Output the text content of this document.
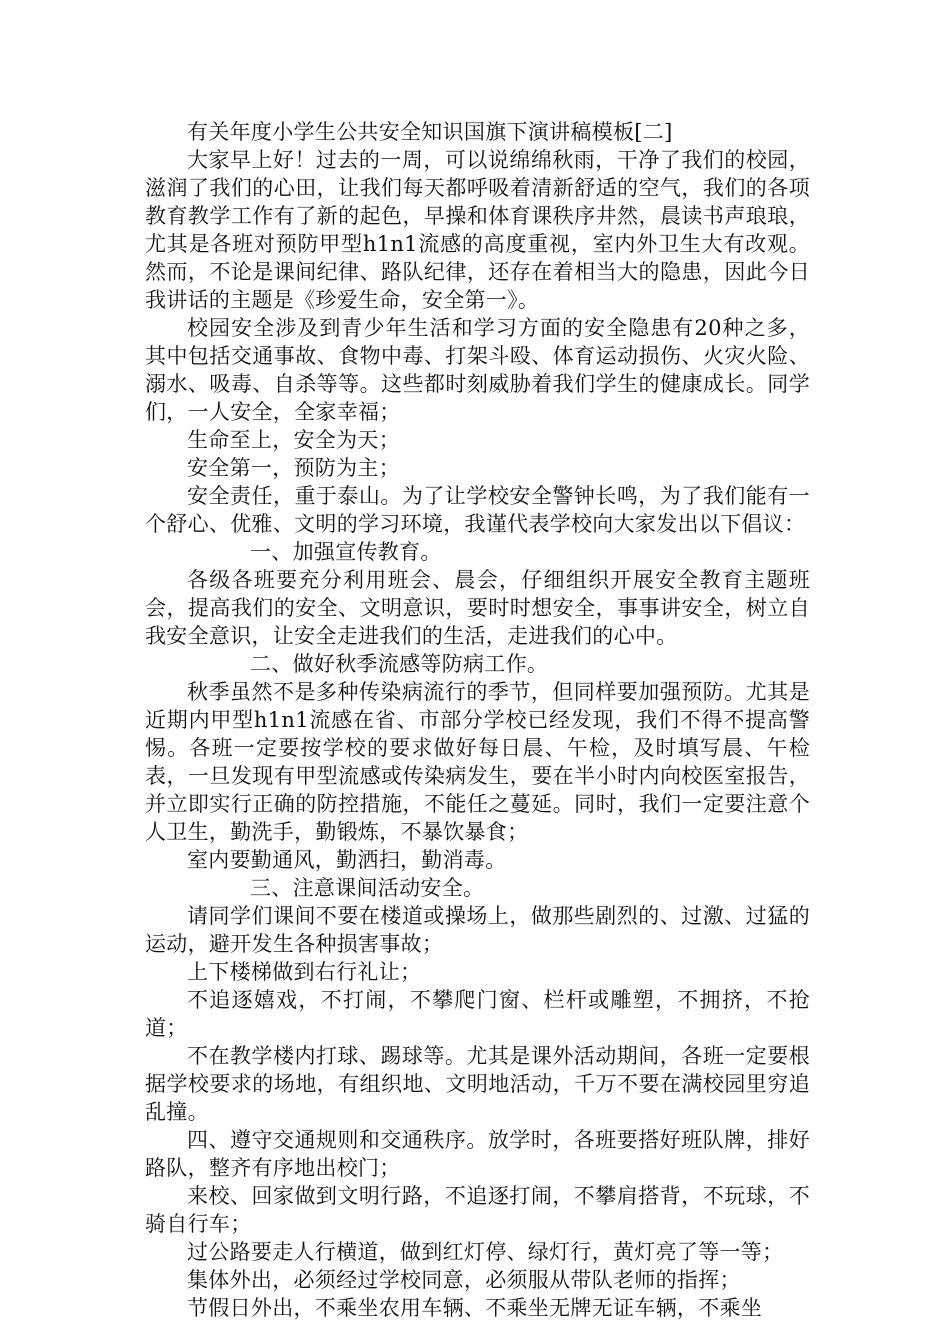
有关年度小学生公共安全知识国旗下演讲稿模板[二]

大家早上好！过去的一周，可以说绵绵秋雨，干净了我们的校园，滋润了我们的心田，让我们每天都呼吸着清新舒适的空气，我们的各项教育教学工作有了新的起色，早操和体育课秩序井然，晨读书声琅琅，尤其是各班对预防甲型h1n1流感的高度重视，室内外卫生大有改观。然而，不论是课间纪律、路队纪律，还存在着相当大的隐患，因此今日我讲话的主题是《珍爱生命，安全第一》。

校园安全涉及到青少年生活和学习方面的安全隐患有20种之多，其中包括交通事故、食物中毒、打架斗殴、体育运动损伤、火灾火险、溺水、吸毒、自杀等等。这些都时刻威胁着我们学生的健康成长。同学们，一人安全，全家幸福；

生命至上，安全为天；

安全第一，预防为主；

安全责任，重于泰山。为了让学校安全警钟长鸣，为了我们能有一个舒心、优雅、文明的学习环境，我谨代表学校向大家发出以下倡议：

一、加强宣传教育。

各级各班要充分利用班会、晨会，仔细组织开展安全教育主题班会，提高我们的安全、文明意识，要时时想安全，事事讲安全，树立自我安全意识，让安全走进我们的生活，走进我们的心中。

二、做好秋季流感等防病工作。

秋季虽然不是多种传染病流行的季节，但同样要加强预防。尤其是近期内甲型h1n1流感在省、市部分学校已经发现，我们不得不提高警惕。各班一定要按学校的要求做好每日晨、午检，及时填写晨、午检表，一旦发现有甲型流感或传染病发生，要在半小时内向校医室报告，并立即实行正确的防控措施，不能任之蔓延。同时，我们一定要注意个人卫生，勤洗手，勤锻炼，不暴饮暴食；

室内要勤通风，勤洒扫，勤消毒。

三、注意课间活动安全。

请同学们课间不要在楼道或操场上，做那些剧烈的、过激、过猛的运动，避开发生各种损害事故；

上下楼梯做到右行礼让；

不追逐嬉戏，不打闹，不攀爬门窗、栏杆或雕塑，不拥挤，不抢道；

不在教学楼内打球、踢球等。尤其是课外活动期间，各班一定要根据学校要求的场地，有组织地、文明地活动，千万不要在满校园里穷追乱撞。

四、遵守交通规则和交通秩序。放学时，各班要搭好班队牌，排好路队，整齐有序地出校门；

来校、回家做到文明行路，不追逐打闹，不攀肩搭背，不玩球，不骑自行车；

过公路要走人行横道，做到红灯停、绿灯行，黄灯亮了等一等；

集体外出，必须经过学校同意，必须服从带队老师的指挥；

节假日外出，不乘坐农用车辆、不乘坐无牌无证车辆，不乘坐
